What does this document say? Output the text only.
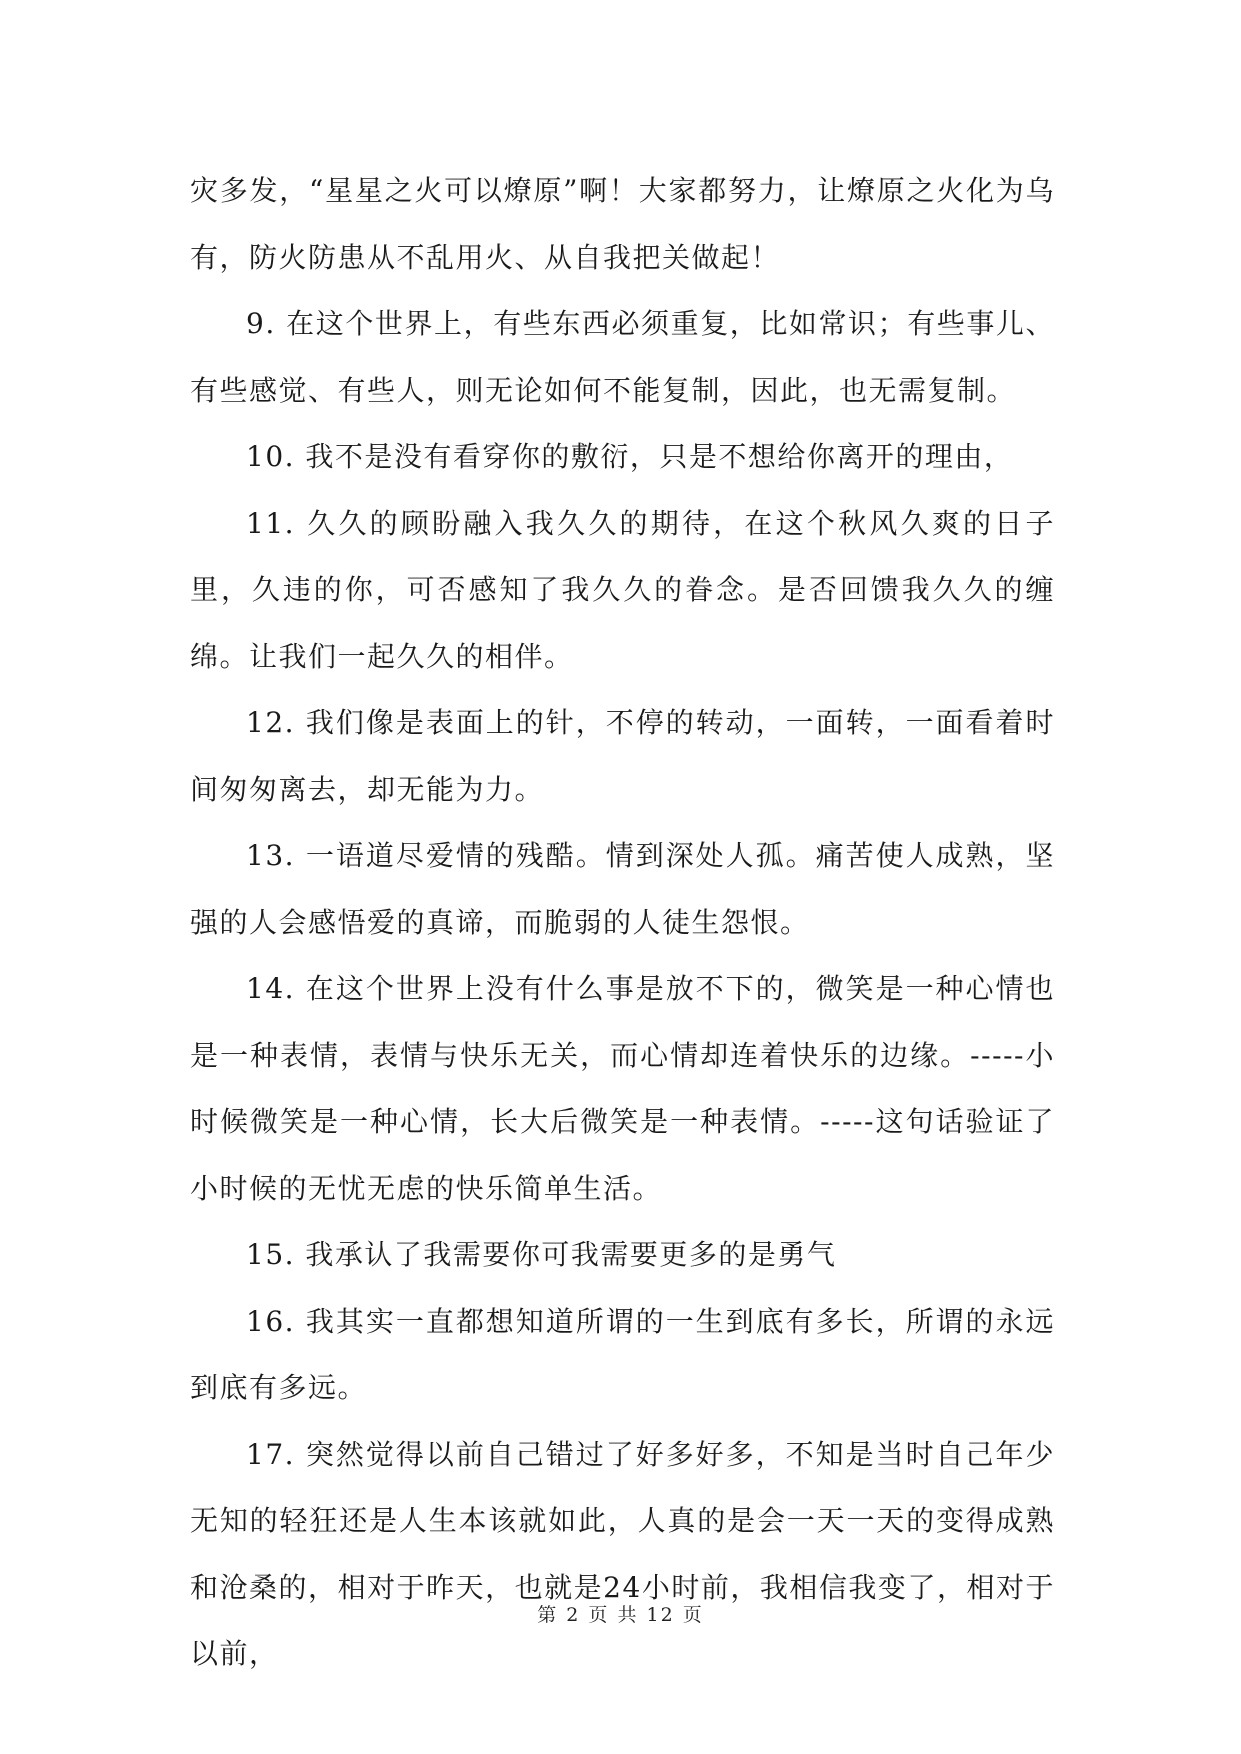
灾多发，“星星之火可以燎原”啊！大家都努力，让燎原之火化为乌有，防火防患从不乱用火、从自我把关做起！

9. 在这个世界上，有些东西必须重复，比如常识；有些事儿、有些感觉、有些人，则无论如何不能复制，因此，也无需复制。

10. 我不是没有看穿你的敷衍，只是不想给你离开的理由，

11. 久久的顾盼融入我久久的期待，在这个秋风久爽的日子里，久违的你，可否感知了我久久的眷念。是否回馈我久久的缠绵。让我们一起久久的相伴。

12. 我们像是表面上的针，不停的转动，一面转，一面看着时间匆匆离去，却无能为力。

13. 一语道尽爱情的残酷。情到深处人孤。痛苦使人成熟，坚强的人会感悟爱的真谛，而脆弱的人徒生怨恨。

14. 在这个世界上没有什么事是放不下的，微笑是一种心情也是一种表情，表情与快乐无关，而心情却连着快乐的边缘。-----小时候微笑是一种心情，长大后微笑是一种表情。-----这句话验证了小时候的无忧无虑的快乐简单生活。

15. 我承认了我需要你可我需要更多的是勇气

16. 我其实一直都想知道所谓的一生到底有多长，所谓的永远到底有多远。

17. 突然觉得以前自己错过了好多好多，不知是当时自己年少无知的轻狂还是人生本该就如此，人真的是会一天一天的变得成熟和沧桑的，相对于昨天，也就是24小时前，我相信我变了，相对于以前，

第 2 页 共 12 页
